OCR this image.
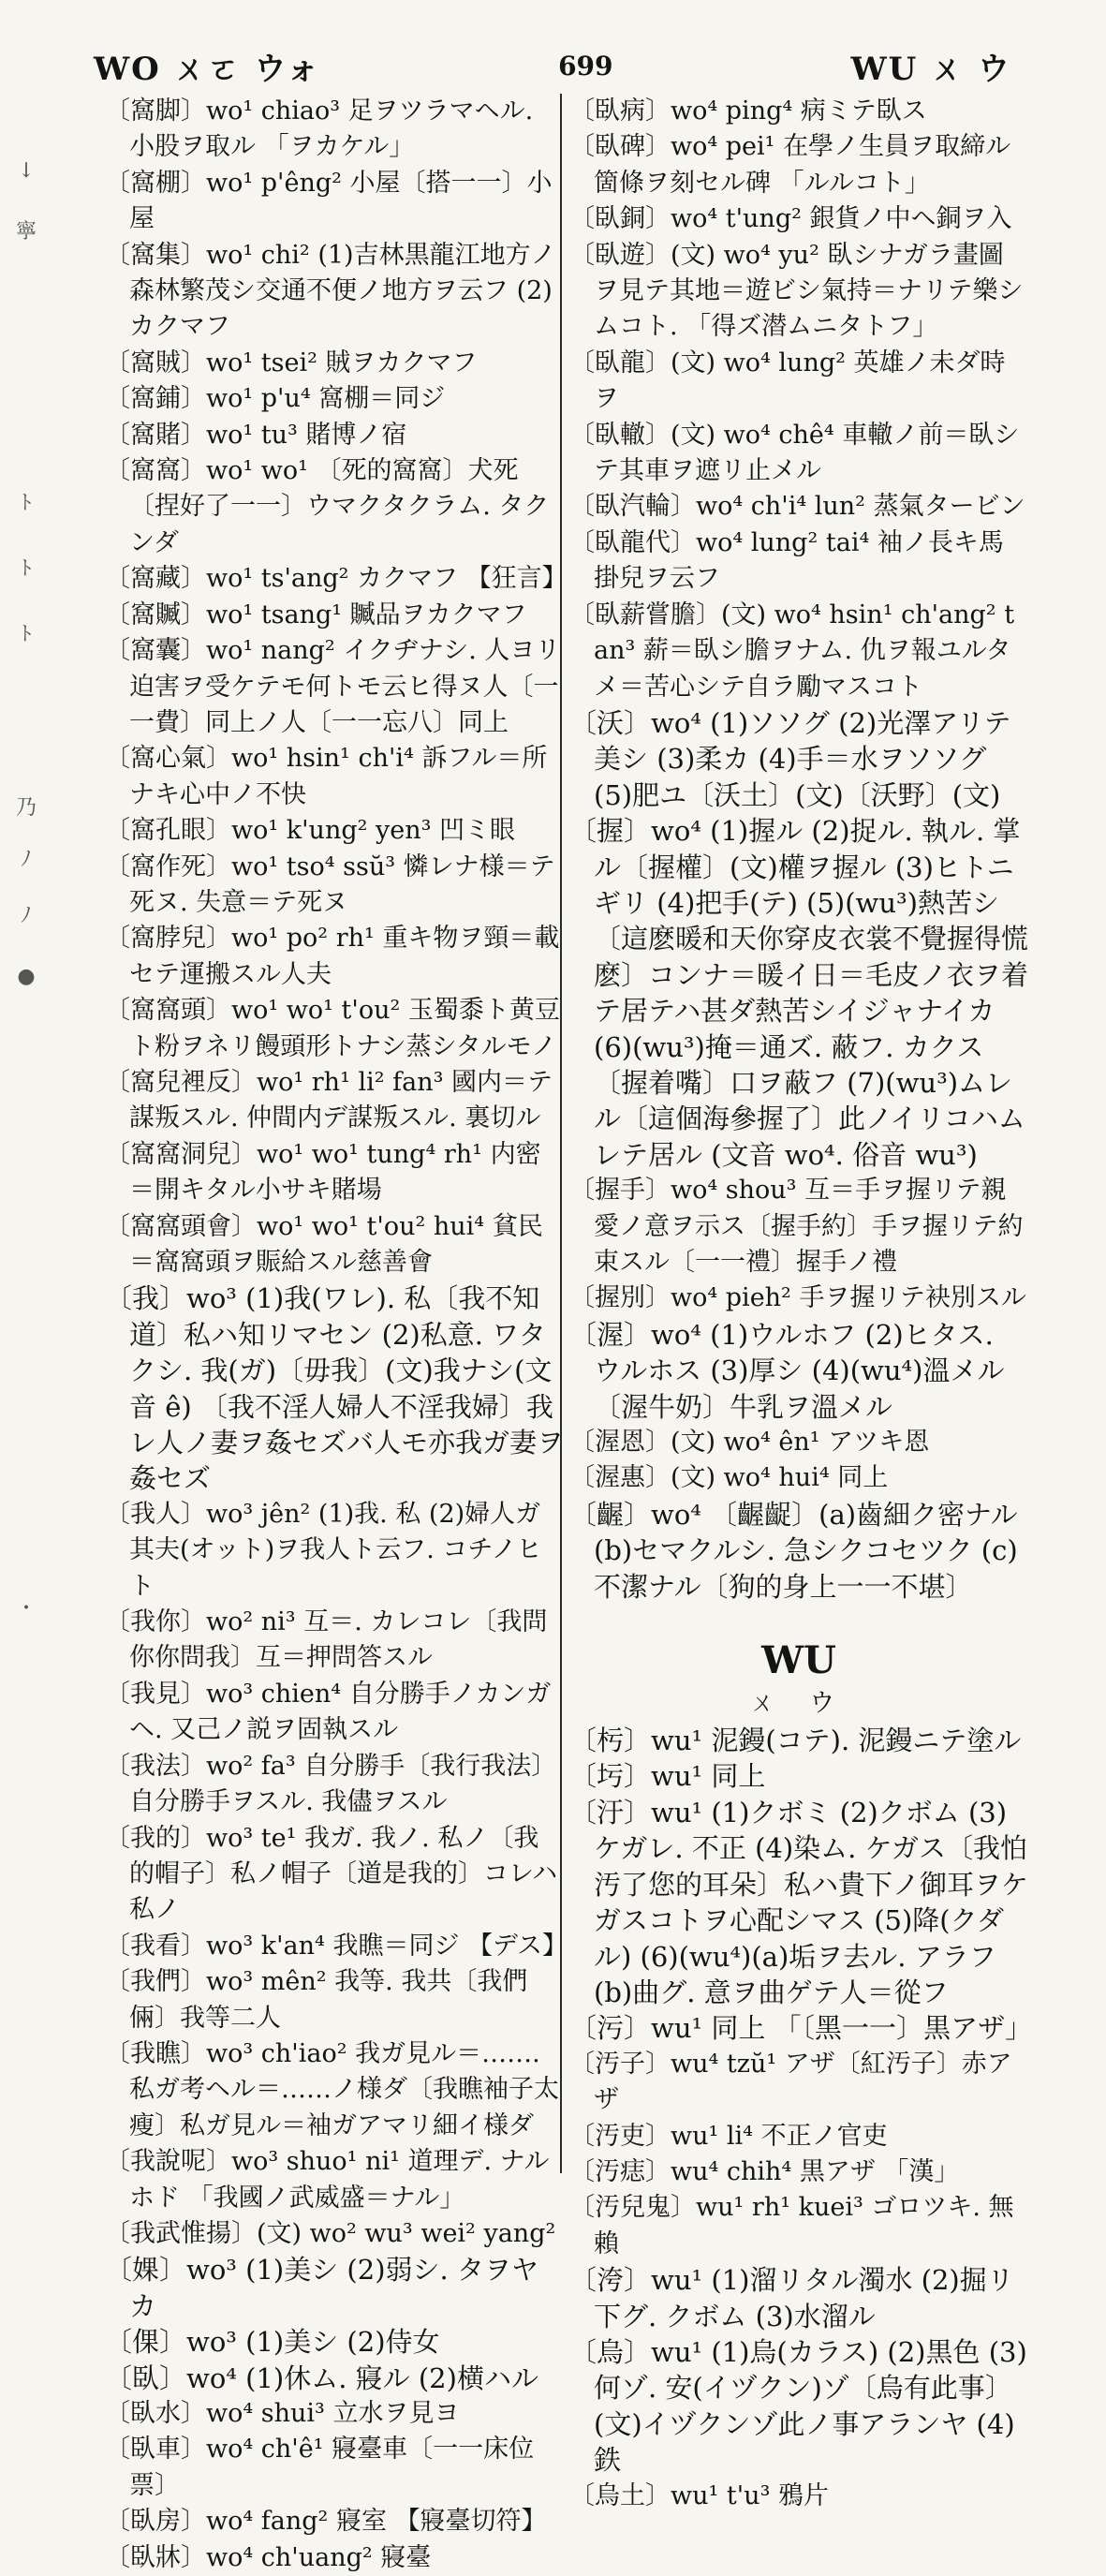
WO ㄨㄛ ウォ	699	WU ㄨ ウ
↓
寧
ﾄ
ﾄ
ﾄ
乃
ﾉ
ﾉ
●
・

〔窩脚〕wo¹ chiao³ 足ヲツラマヘル. 小股ヲ取ル 「ヲカケル」

〔窩棚〕wo¹ p'êng² 小屋〔搭一一〕小屋

〔窩集〕wo¹ chi² (1)吉林黒龍江地方ノ森林繁茂シ交通不便ノ地方ヲ云フ (2)カクマフ

〔窩賊〕wo¹ tsei² 賊ヲカクマフ

〔窩鋪〕wo¹ p'u⁴ 窩棚＝同ジ

〔窩賭〕wo¹ tu³ 賭博ノ宿

〔窩窩〕wo¹ wo¹ 〔死的窩窩〕犬死〔捏好了一一〕ウマクタクラム. タクンダ

〔窩藏〕wo¹ ts'ang² カクマフ 【狂言】

〔窩贓〕wo¹ tsang¹ 贓品ヲカクマフ

〔窩囊〕wo¹ nang² イクヂナシ. 人ヨリ迫害ヲ受ケテモ何トモ云ヒ得ヌ人〔一一費〕同上ノ人〔一一忘八〕同上

〔窩心氣〕wo¹ hsin¹ ch'i⁴ 訴フル＝所ナキ心中ノ不快

〔窩孔眼〕wo¹ k'ung² yen³ 凹ミ眼

〔窩作死〕wo¹ tso⁴ ssŭ³ 憐レナ様＝テ死ヌ. 失意＝テ死ヌ

〔窩脖兒〕wo¹ po² rh¹ 重キ物ヲ頸＝載セテ運搬スル人夫

〔窩窩頭〕wo¹ wo¹ t'ou² 玉蜀黍ト黄豆ト粉ヲネリ饅頭形トナシ蒸シタルモノ

〔窩兒裡反〕wo¹ rh¹ li² fan³ 國内＝テ謀叛スル. 仲間内デ謀叛スル. 裏切ル

〔窩窩洞兒〕wo¹ wo¹ tung⁴ rh¹ 内密＝開キタル小サキ賭場

〔窩窩頭會〕wo¹ wo¹ t'ou² hui⁴ 貧民＝窩窩頭ヲ賑給スル慈善會

〔我〕wo³ (1)我(ワレ). 私〔我不知道〕私ハ知リマセン (2)私意. ワタクシ. 我(ガ)〔毋我〕(文)我ナシ(文音 ê) 〔我不淫人婦人不淫我婦〕我レ人ノ妻ヲ姦セズバ人モ亦我ガ妻ヲ姦セズ

〔我人〕wo³ jên² (1)我. 私 (2)婦人ガ其夫(オット)ヲ我人ト云フ. コチノヒト

〔我你〕wo² ni³ 互＝. カレコレ〔我問你你問我〕互＝押問答スル

〔我見〕wo³ chien⁴ 自分勝手ノカンガヘ. 又己ノ説ヲ固執スル

〔我法〕wo² fa³ 自分勝手〔我行我法〕自分勝手ヲスル. 我儘ヲスル

〔我的〕wo³ te¹ 我ガ. 我ノ. 私ノ〔我的帽子〕私ノ帽子〔道是我的〕コレハ私ノ

〔我看〕wo³ k'an⁴ 我瞧＝同ジ 【デス】

〔我們〕wo³ mên² 我等. 我共〔我們倆〕我等二人

〔我瞧〕wo³ ch'iao² 我ガ見ル＝……. 私ガ考ヘル＝……ノ様ダ〔我瞧袖子太瘦〕私ガ見ル＝袖ガアマリ細イ様ダ

〔我說呢〕wo³ shuo¹ ni¹ 道理デ. ナルホド 「我國ノ武威盛＝ナル」

〔我武惟揚〕(文) wo² wu³ wei² yang²

〔婐〕wo³ (1)美シ (2)弱シ. タヲヤカ

〔倮〕wo³ (1)美シ (2)侍女

〔臥〕wo⁴ (1)休ム. 寢ル (2)横ハル

〔臥水〕wo⁴ shui³ 立水ヲ見ヨ

〔臥車〕wo⁴ ch'ê¹ 寢臺車〔一一床位票〕

〔臥房〕wo⁴ fang² 寢室 【寢臺切符】

〔臥牀〕wo⁴ ch'uang² 寢臺

〔臥病〕wo⁴ ping⁴ 病ミテ臥ス

〔臥碑〕wo⁴ pei¹ 在學ノ生員ヲ取締ル箇條ヲ刻セル碑 「ルルコト」

〔臥銅〕wo⁴ t'ung² 銀貨ノ中ヘ銅ヲ入

〔臥遊〕(文) wo⁴ yu² 臥シナガラ畫圖ヲ見テ其地＝遊ビシ氣持＝ナリテ樂シムコト. 「得ズ潜ムニタトフ」

〔臥龍〕(文) wo⁴ lung² 英雄ノ未ダ時ヲ

〔臥轍〕(文) wo⁴ chê⁴ 車轍ノ前＝臥シテ其車ヲ遮リ止メル

〔臥汽輪〕wo⁴ ch'i⁴ lun² 蒸氣タービン

〔臥龍代〕wo⁴ lung² tai⁴ 袖ノ長キ馬掛兒ヲ云フ

〔臥薪嘗膽〕(文) wo⁴ hsin¹ ch'ang² tan³ 薪＝臥シ膽ヲナム. 仇ヲ報ユルタメ＝苦心シテ自ラ勵マスコト

〔沃〕wo⁴ (1)ソソグ (2)光澤アリテ美シ (3)柔カ (4)手＝水ヲソソグ (5)肥ユ〔沃土〕(文)〔沃野〕(文)

〔握〕wo⁴ (1)握ル (2)捉ル. 執ル. 掌ル〔握權〕(文)權ヲ握ル (3)ヒトニギリ (4)把手(テ) (5)(wu³)熱苦シ〔這麽暖和天你穿皮衣裳不覺握得慌麽〕コンナ＝暖イ日＝毛皮ノ衣ヲ着テ居テハ甚ダ熱苦シイジャナイカ (6)(wu³)掩＝通ズ. 蔽フ. カクス〔握着嘴〕口ヲ蔽フ (7)(wu³)ムレル〔這個海參握了〕此ノイリコハムレテ居ル (文音 wo⁴. 俗音 wu³)

〔握手〕wo⁴ shou³ 互＝手ヲ握リテ親愛ノ意ヲ示ス〔握手約〕手ヲ握リテ約束スル〔一一禮〕握手ノ禮

〔握別〕wo⁴ pieh² 手ヲ握リテ袂別スル

〔渥〕wo⁴ (1)ウルホフ (2)ヒタス. ウルホス (3)厚シ (4)(wu⁴)溫メル〔渥牛奶〕牛乳ヲ溫メル

〔渥恩〕(文) wo⁴ ên¹ アツキ恩

〔渥惠〕(文) wo⁴ hui⁴ 同上

〔齷〕wo⁴ 〔齷齪〕(a)齒細ク密ナル (b)セマクルシ. 急シクコセツク (c)不潔ナル〔狗的身上一一不堪〕

WU
ㄨ ウ

〔杇〕wu¹ 泥鏝(コテ). 泥鏝ニテ塗ル

〔圬〕wu¹ 同上

〔汙〕wu¹ (1)クボミ (2)クボム (3)ケガレ. 不正 (4)染ム. ケガス〔我怕汚了您的耳朵〕私ハ貴下ノ御耳ヲケガスコトヲ心配シマス (5)降(クダル) (6)(wu⁴)(a)垢ヲ去ル. アラフ (b)曲グ. 意ヲ曲ゲテ人＝從フ

〔污〕wu¹ 同上 「〔黑一一〕黒アザ」

〔汚子〕wu⁴ tzŭ¹ アザ〔紅汚子〕赤アザ

〔汚吏〕wu¹ li⁴ 不正ノ官吏

〔汚痣〕wu⁴ chih⁴ 黒アザ 「漢」

〔汚兒鬼〕wu¹ rh¹ kuei³ ゴロツキ. 無賴

〔洿〕wu¹ (1)溜リタル濁水 (2)掘リ下グ. クボム (3)水溜ル

〔烏〕wu¹ (1)烏(カラス) (2)黒色 (3)何ゾ. 安(イヅクン)ゾ〔烏有此事〕(文)イヅクンゾ此ノ事アランヤ (4)鉄

〔烏土〕wu¹ t'u³ 鴉片
